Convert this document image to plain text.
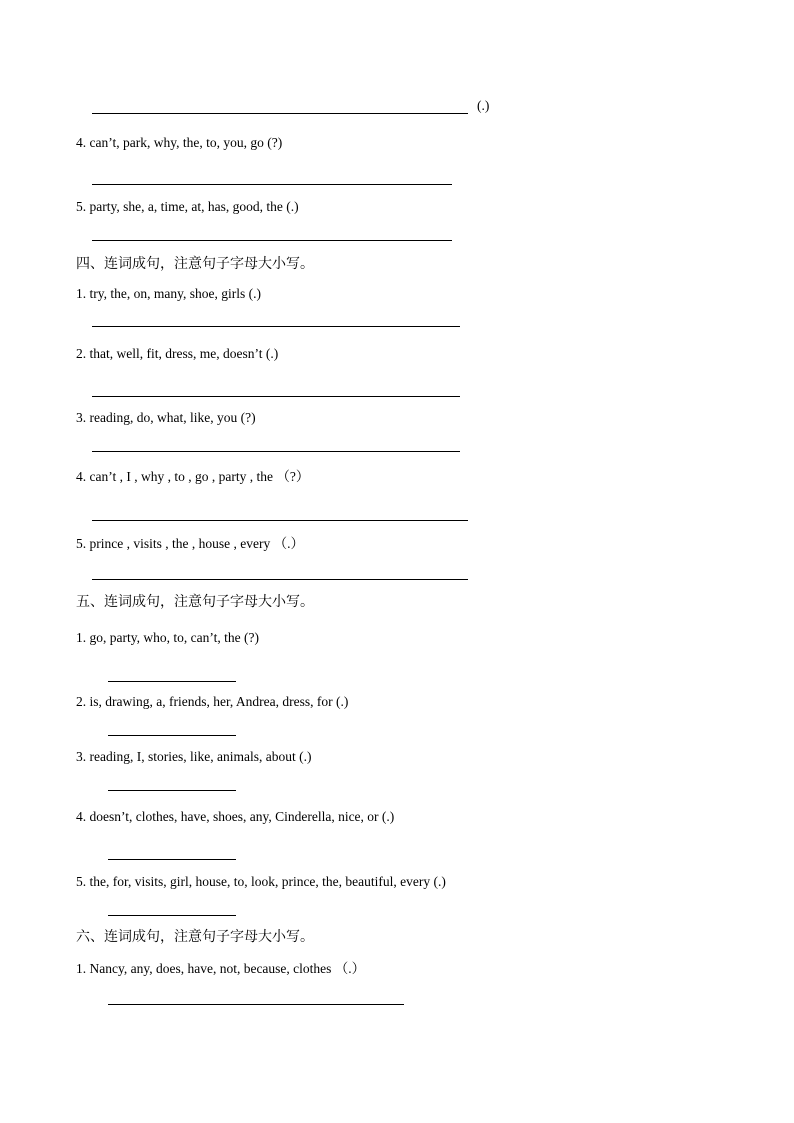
(.)
4. can’t, park, why, the, to, you, go (?)
5. party, she, a, time, at, has, good, the (.)
四、连词成句，注意句子字母大小写。
1. try, the, on, many, shoe, girls (.)
2. that, well, fit, dress, me, doesn’t (.)
3. reading, do, what, like, you (?)
4. can’t , I , why , to , go , party , the （?）
5. prince , visits , the , house , every （.）
五、连词成句，注意句子字母大小写。
1. go, party, who, to, can’t, the (?)
2. is, drawing, a, friends, her, Andrea, dress, for (.)
3. reading, I, stories, like, animals, about (.)
4. doesn’t, clothes, have, shoes, any, Cinderella, nice, or (.)
5. the, for, visits, girl, house, to, look, prince, the, beautiful, every (.)
六、连词成句，注意句子字母大小写。
1. Nancy, any, does, have, not, because, clothes （.）
